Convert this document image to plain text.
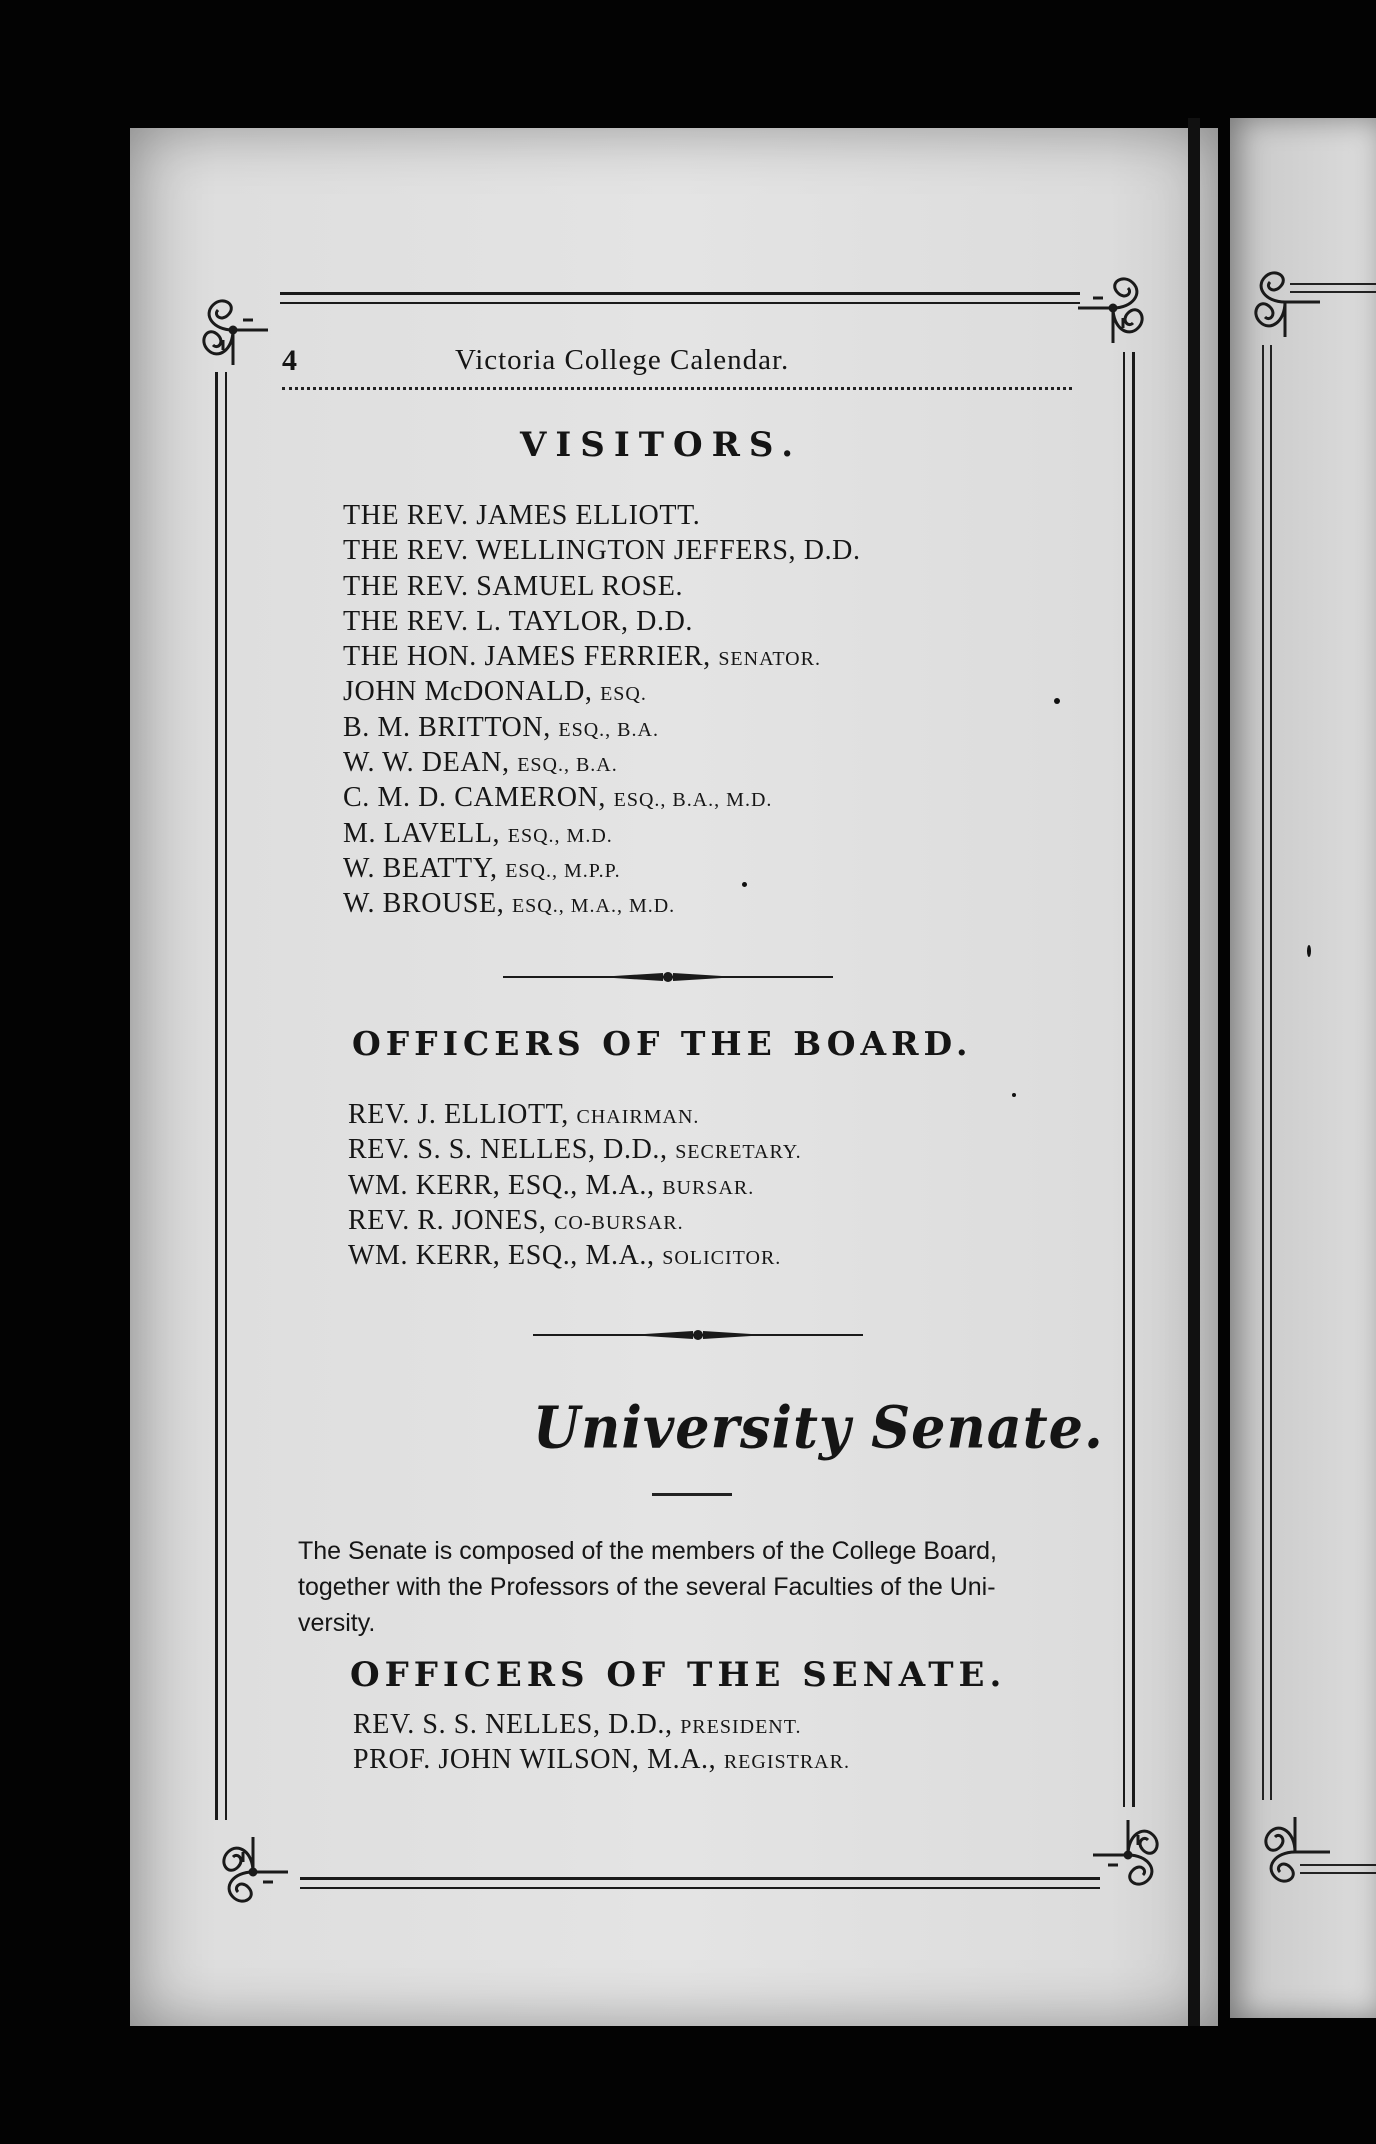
4	Victoria College Calendar.
VISITORS.
THE REV. JAMES ELLIOTT.
THE REV. WELLINGTON JEFFERS, D.D.
THE REV. SAMUEL ROSE.
THE REV. L. TAYLOR, D.D.
THE HON. JAMES FERRIER, SENATOR.
JOHN McDONALD, ESQ.
B. M. BRITTON, ESQ., B.A.
W. W. DEAN, ESQ., B.A.
C. M. D. CAMERON, ESQ., B.A., M.D.
M. LAVELL, ESQ., M.D.
W. BEATTY, ESQ., M.P.P.
W. BROUSE, ESQ., M.A., M.D.
OFFICERS OF THE BOARD.
REV. J. ELLIOTT, CHAIRMAN.
REV. S. S. NELLES, D.D., SECRETARY.
WM. KERR, ESQ., M.A., BURSAR.
REV. R. JONES, CO-BURSAR.
WM. KERR, ESQ., M.A., SOLICITOR.
University Senate.
The Senate is composed of the members of the College Board,
together with the Professors of the several Faculties of the Uni-
versity.
OFFICERS OF THE SENATE.
REV. S. S. NELLES, D.D., PRESIDENT.
PROF. JOHN WILSON, M.A., REGISTRAR.
